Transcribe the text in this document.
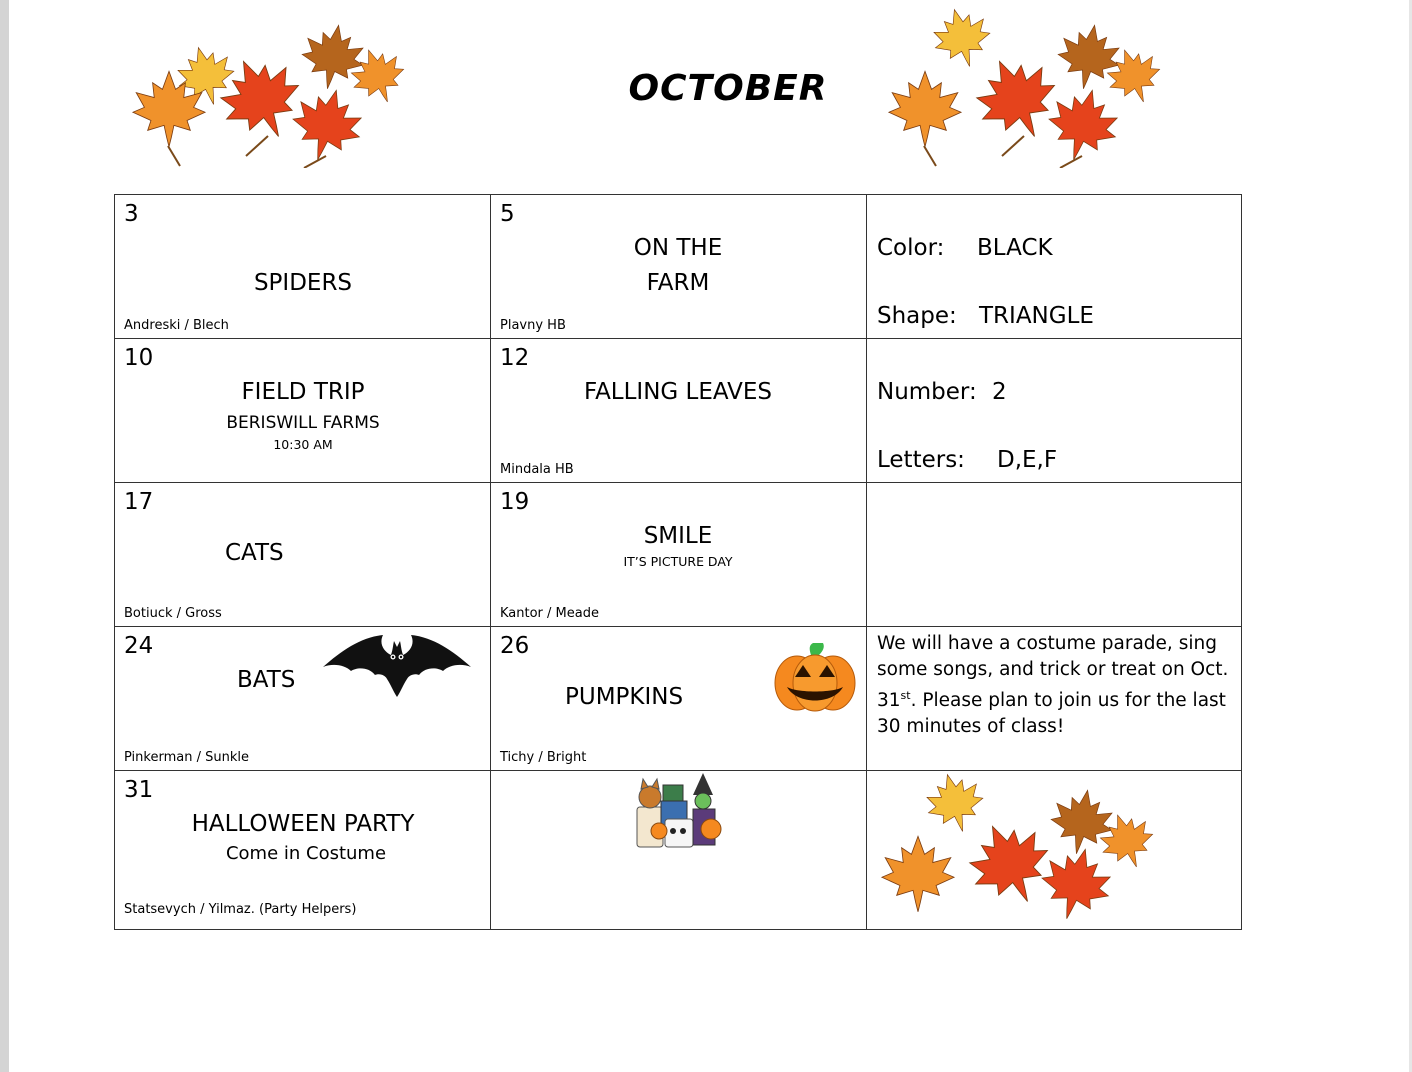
OCTOBER
3
SPIDERS
Andreski / Blech
5
ON THE
FARM
Plavny HB
Color: BLACK
Shape: TRIANGLE
10
FIELD TRIP
BERISWILL FARMS
10:30 AM
12
FALLING LEAVES
Mindala HB
Number: 2
Letters: D,E,F
17
CATS
Botiuck / Gross
19
SMILE
IT’S PICTURE DAY
Kantor / Meade
24
BATS
Pinkerman / Sunkle
26
PUMPKINS
Tichy / Bright
We will have a costume parade, sing some songs, and trick or treat on Oct. 31st. Please plan to join us for the last 30 minutes of class!
31
HALLOWEEN PARTY
Come in Costume
Statsevych / Yilmaz. (Party Helpers)
